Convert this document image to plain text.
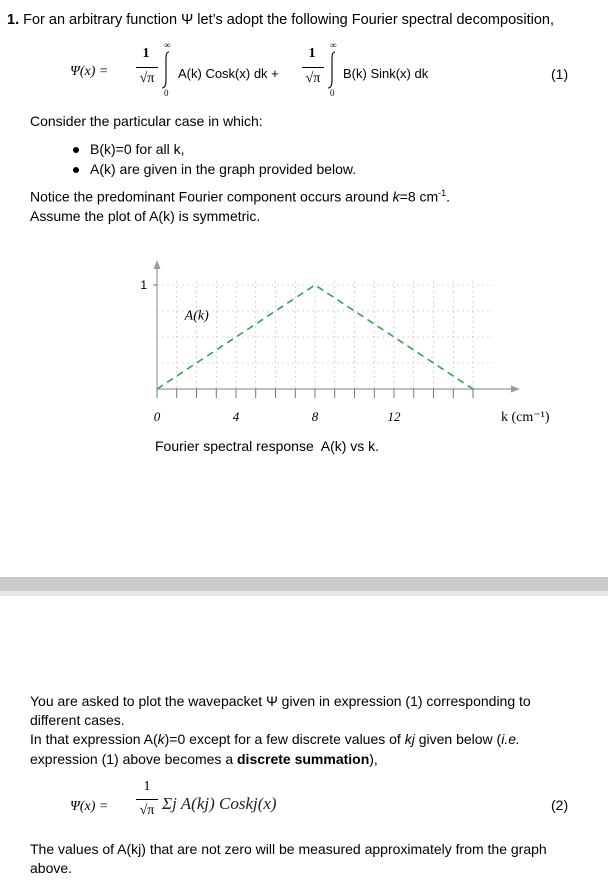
1. For an arbitrary function Ψ let’s adopt the following Fourier spectral decomposition,
Ψ(x) =
1
√π
∞
0
A(k) Cosk(x) dk +
1
√π
∞
0
B(k) Sink(x) dk	(1)
Consider the particular case in which:
B(k)=0 for all k,
A(k) are given in the graph provided below.
Notice the predominant Fourier component occurs around k=8 $cm^{-1}$.
Assume the plot of A(k) is symmetric.
1
0	4	8	12	k (cm⁻¹)
A(k)
Fourier spectral response  A(k) vs k.
You are asked to plot the wavepacket Ψ given in expression (1) corresponding to different cases.
In that expression A(k)=0 except for a few discrete values of kj given below (i.e.
expression (1) above becomes a discrete summation),
Ψ(x) =
1
√π Σj A(kj) Coskj(x)	(2)
The values of A(kj) that are not zero will be measured approximately from the graph above.
